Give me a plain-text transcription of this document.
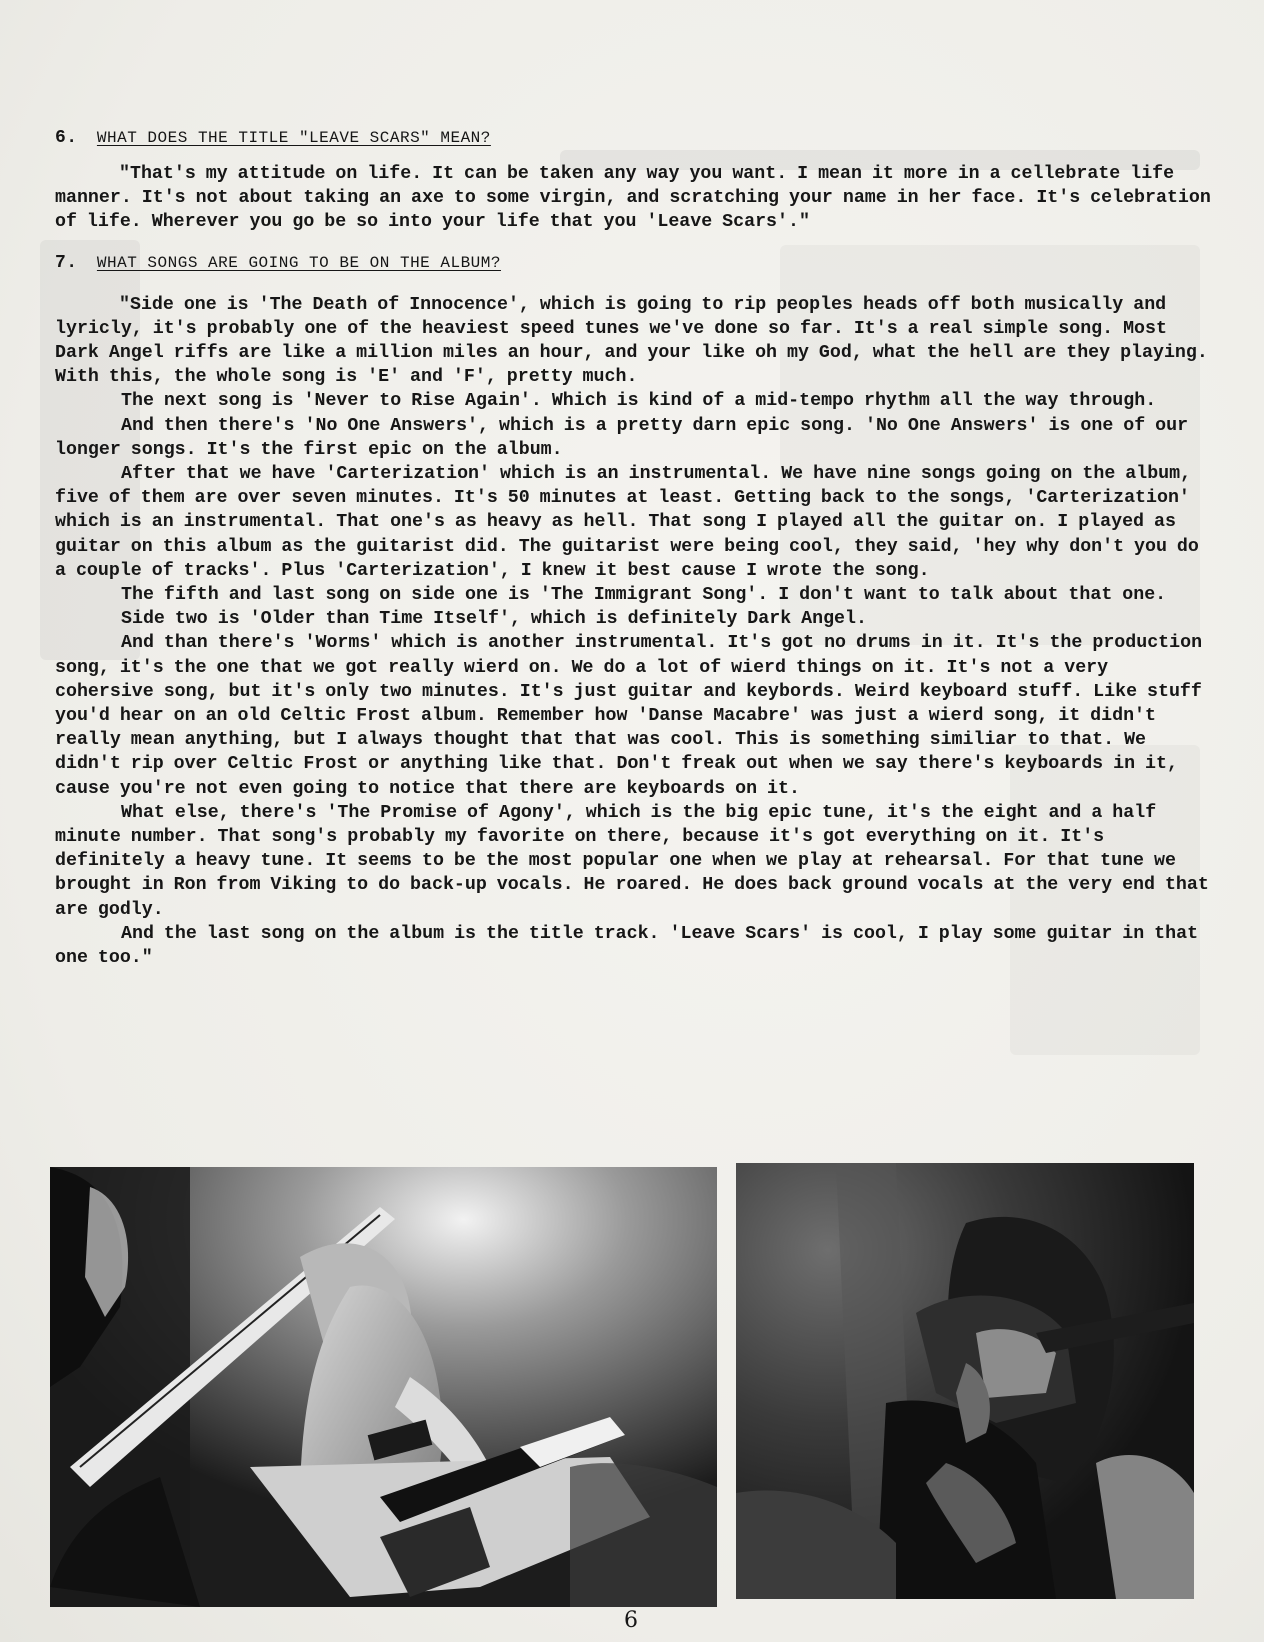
6. WHAT DOES THE TITLE "LEAVE SCARS" MEAN?

"That's my attitude on life. It can be taken any way you want. I mean it more in a cellebrate life manner. It's not about taking an axe to some virgin, and scratching your name in her face. It's celebration of life. Wherever you go be so into your life that you 'Leave Scars'."

7. WHAT SONGS ARE GOING TO BE ON THE ALBUM?

"Side one is 'The Death of Innocence', which is going to rip peoples heads off both musically and lyricly, it's probably one of the heaviest speed tunes we've done so far. It's a real simple song. Most Dark Angel riffs are like a million miles an hour, and your like oh my God, what the hell are they playing. With this, the whole song is 'E' and 'F', pretty much.

The next song is 'Never to Rise Again'. Which is kind of a mid-tempo rhythm all the way through.

And then there's 'No One Answers', which is a pretty darn epic song. 'No One Answers' is one of our longer songs. It's the first epic on the album.

After that we have 'Carterization' which is an instrumental. We have nine songs going on the album, five of them are over seven minutes. It's 50 minutes at least. Getting back to the songs, 'Carterization' which is an instrumental. That one's as heavy as hell. That song I played all the guitar on. I played as guitar on this album as the guitarist did. The guitarist were being cool, they said, 'hey why don't you do a couple of tracks'. Plus 'Carterization', I knew it best cause I wrote the song.

The fifth and last song on side one is 'The Immigrant Song'. I don't want to talk about that one.

Side two is 'Older than Time Itself', which is definitely Dark Angel.

And than there's 'Worms' which is another instrumental. It's got no drums in it. It's the production song, it's the one that we got really wierd on. We do a lot of wierd things on it. It's not a very cohersive song, but it's only two minutes. It's just guitar and keybords. Weird keyboard stuff. Like stuff you'd hear on an old Celtic Frost album. Remember how 'Danse Macabre' was just a wierd song, it didn't really mean anything, but I always thought that that was cool. This is something similiar to that. We didn't rip over Celtic Frost or anything like that. Don't freak out when we say there's keyboards in it, cause you're not even going to notice that there are keyboards on it.

What else, there's 'The Promise of Agony', which is the big epic tune, it's the eight and a half minute number. That song's probably my favorite on there, because it's got everything on it. It's definitely a heavy tune. It seems to be the most popular one when we play at rehearsal. For that tune we brought in Ron from Viking to do back-up vocals. He roared. He does back ground vocals at the very end that are godly.

And the last song on the album is the title track. 'Leave Scars' is cool, I play some guitar in that one too."

6
